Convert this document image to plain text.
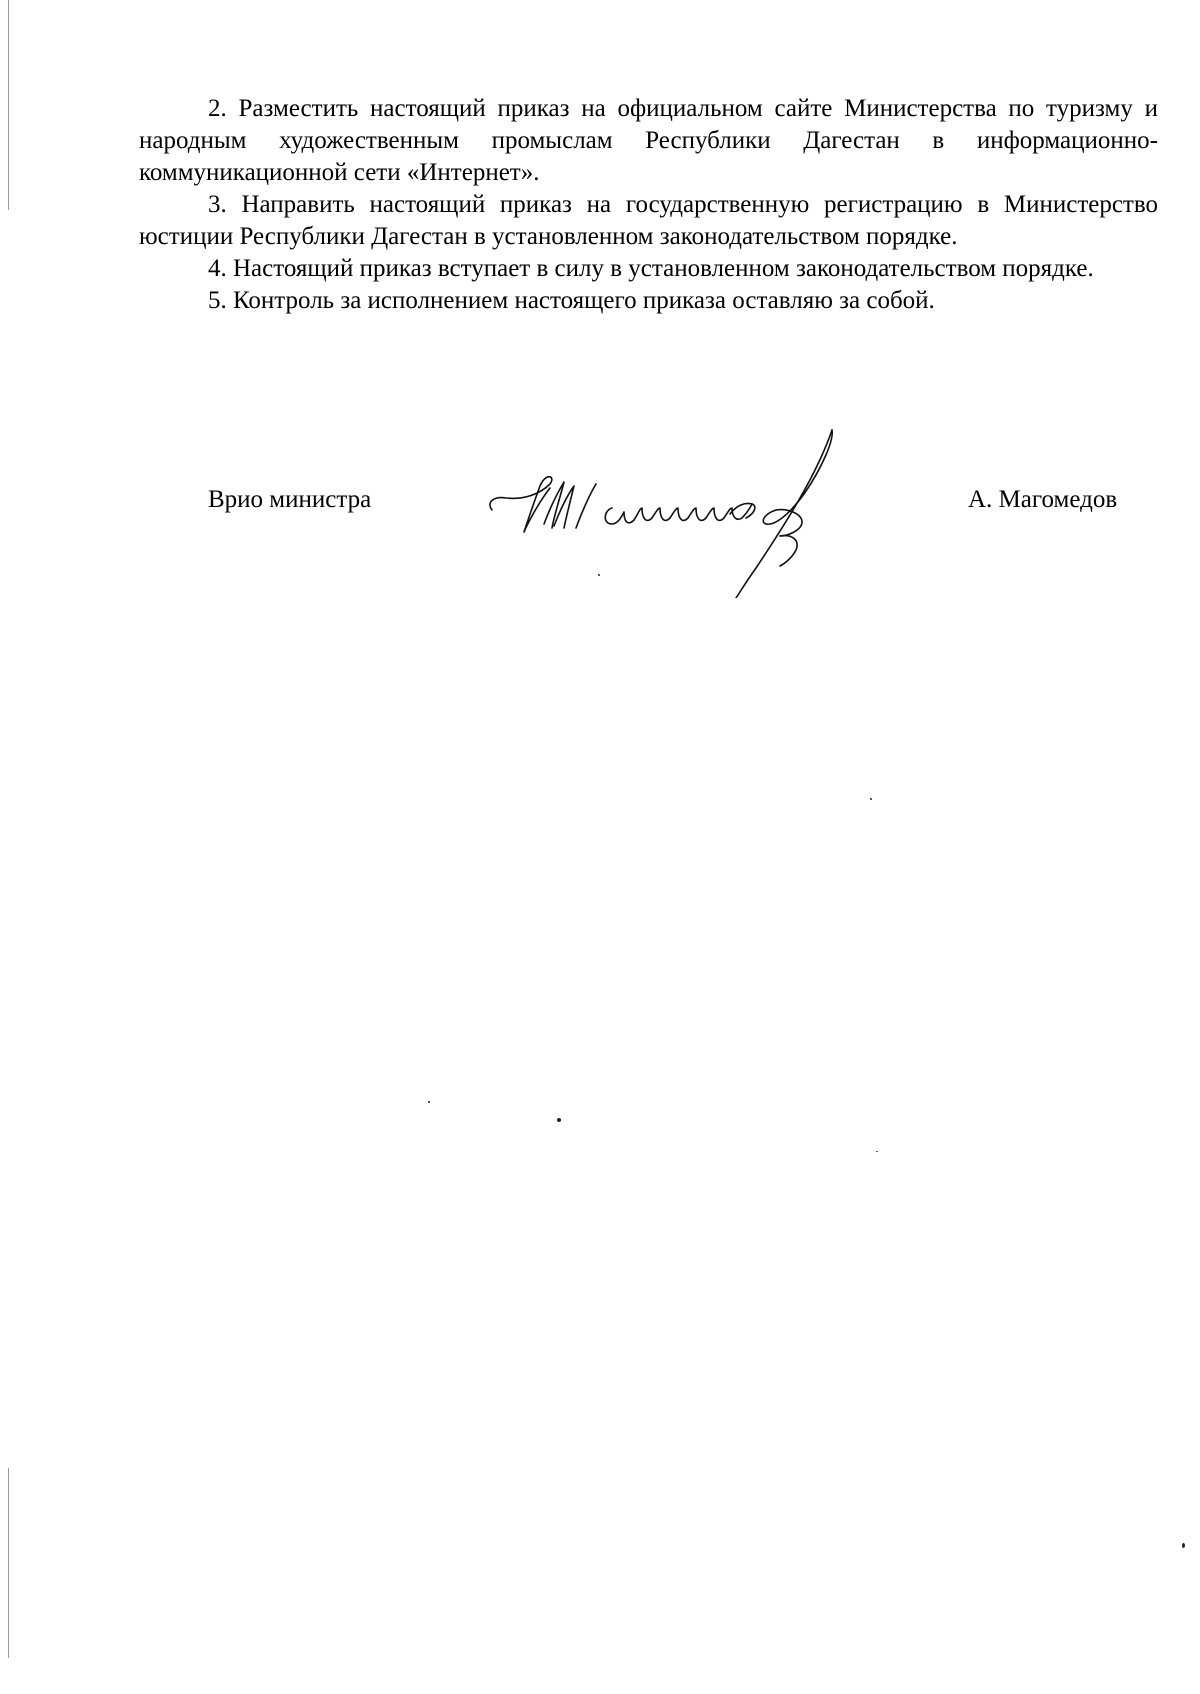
2. Разместить настоящий приказ на официальном сайте Министерства по туризму и народным художественным промыслам Республики Дагестан в информационно-коммуникационной сети «Интернет».

3. Направить настоящий приказ на государственную регистрацию в Министерство юстиции Республики Дагестан в установленном законодательством порядке.

4. Настоящий приказ вступает в силу в установленном законодательством порядке.

5. Контроль за исполнением настоящего приказа оставляю за собой.

Врио министра	А. Магомедов
